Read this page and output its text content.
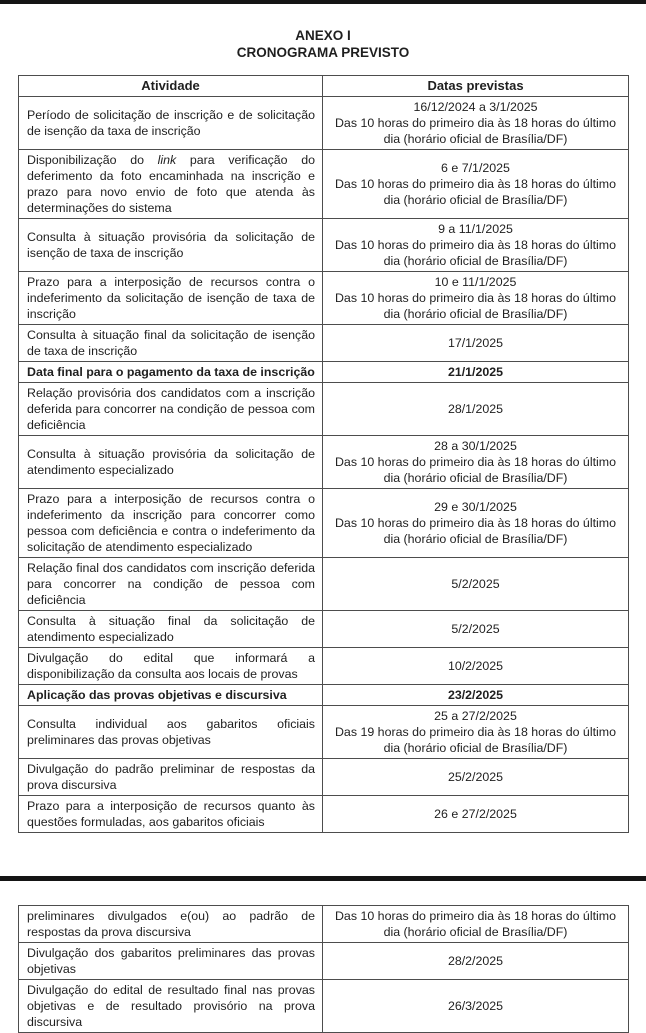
ANEXO I
CRONOGRAMA PREVISTO
Atividade	Datas previstas
Período de solicitação de inscrição e de solicitação de isenção da taxa de inscrição	16/12/2024 a 3/1/2025
Das 10 horas do primeiro dia às 18 horas do último dia (horário oficial de Brasília/DF)

Disponibilização do link para verificação do deferimento da foto encaminhada na inscrição e prazo para novo envio de foto que atenda às determinações do sistema	6 e 7/1/2025
Das 10 horas do primeiro dia às 18 horas do último dia (horário oficial de Brasília/DF)

Consulta à situação provisória da solicitação de isenção de taxa de inscrição	9 a 11/1/2025
Das 10 horas do primeiro dia às 18 horas do último dia (horário oficial de Brasília/DF)

Prazo para a interposição de recursos contra o indeferimento da solicitação de isenção de taxa de inscrição	10 e 11/1/2025
Das 10 horas do primeiro dia às 18 horas do último dia (horário oficial de Brasília/DF)

Consulta à situação final da solicitação de isenção de taxa de inscrição	17/1/2025

Data final para o pagamento da taxa de inscrição	21/1/2025

Relação provisória dos candidatos com a inscrição deferida para concorrer na condição de pessoa com deficiência	28/1/2025

Consulta à situação provisória da solicitação de atendimento especializado	28 a 30/1/2025
Das 10 horas do primeiro dia às 18 horas do último dia (horário oficial de Brasília/DF)

Prazo para a interposição de recursos contra o indeferimento da inscrição para concorrer como pessoa com deficiência e contra o indeferimento da solicitação de atendimento especializado	29 e 30/1/2025
Das 10 horas do primeiro dia às 18 horas do último dia (horário oficial de Brasília/DF)

Relação final dos candidatos com inscrição deferida para concorrer na condição de pessoa com deficiência	5/2/2025

Consulta à situação final da solicitação de atendimento especializado	5/2/2025

Divulgação do edital que informará a disponibilização da consulta aos locais de provas	10/2/2025

Aplicação das provas objetivas e discursiva	23/2/2025

Consulta individual aos gabaritos oficiais preliminares das provas objetivas	25 a 27/2/2025
Das 19 horas do primeiro dia às 18 horas do último dia (horário oficial de Brasília/DF)

Divulgação do padrão preliminar de respostas da prova discursiva	25/2/2025

Prazo para a interposição de recursos quanto às questões formuladas, aos gabaritos oficiais	26 e 27/2/2025
preliminares divulgados e(ou) ao padrão de respostas da prova discursiva	Das 10 horas do primeiro dia às 18 horas do último dia (horário oficial de Brasília/DF)

Divulgação dos gabaritos preliminares das provas objetivas	28/2/2025

Divulgação do edital de resultado final nas provas objetivas e de resultado provisório na prova discursiva	26/3/2025
